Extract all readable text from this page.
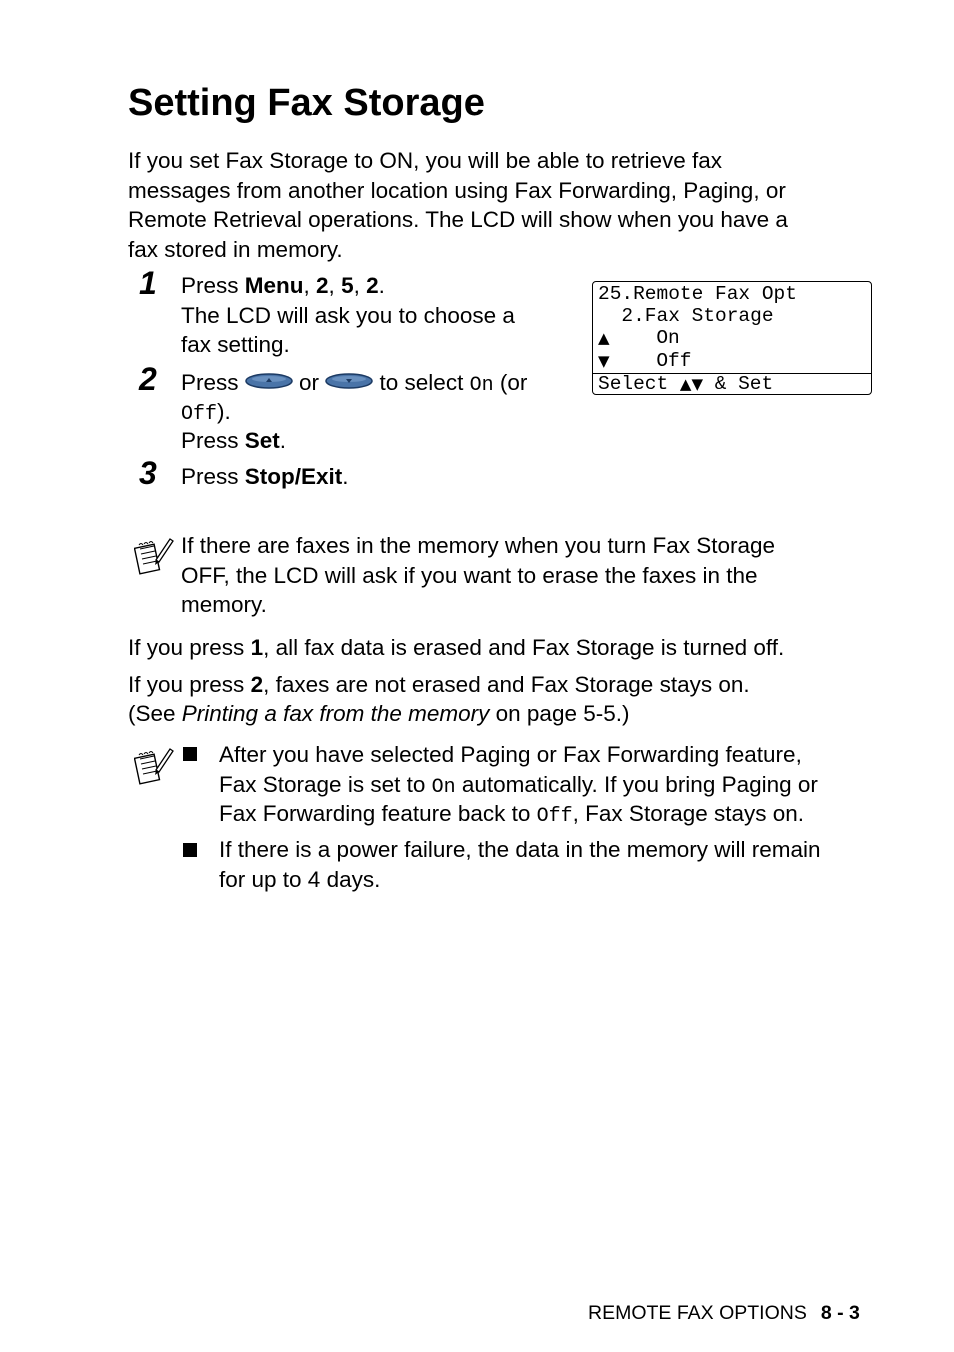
Setting Fax Storage
If you set Fax Storage to ON, you will be able to retrieve fax
messages from another location using Fax Forwarding, Paging, or
Remote Retrieval operations. The LCD will show when you have a
fax stored in memory.
1 Press Menu, 2, 5, 2.
The LCD will ask you to choose a
fax setting.
2 Press  or  to select On (or
Off).
Press Set.
3 Press Stop/Exit.
25.Remote Fax Opt
2.Fax Storage
▲    On
▼    Off
Select ▲▼ & Set
If there are faxes in the memory when you turn Fax Storage
OFF, the LCD will ask if you want to erase the faxes in the
memory.
If you press 1, all fax data is erased and Fax Storage is turned off.
If you press 2, faxes are not erased and Fax Storage stays on.
(See Printing a fax from the memory on page 5-5.)
After you have selected Paging or Fax Forwarding feature,
Fax Storage is set to On automatically. If you bring Paging or
Fax Forwarding feature back to Off, Fax Storage stays on.
If there is a power failure, the data in the memory will remain
for up to 4 days.
REMOTE FAX OPTIONS 8 - 3
